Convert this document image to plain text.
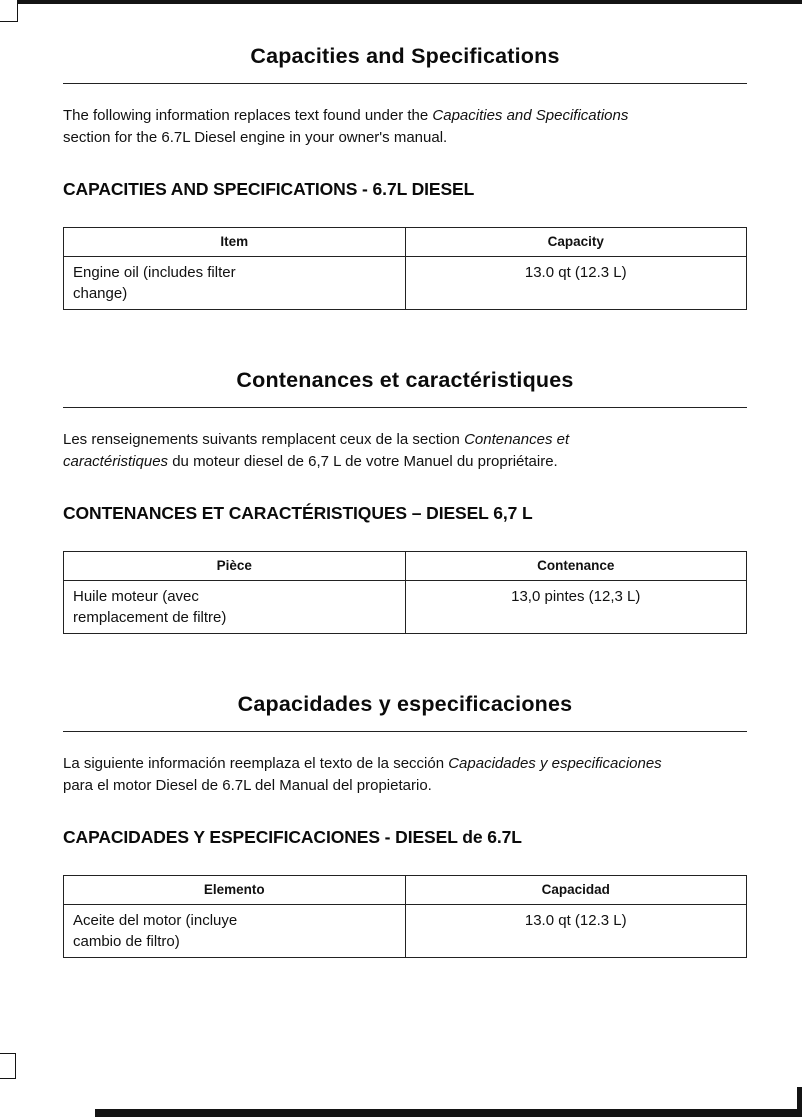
Capacities and Specifications

The following information replaces text found under the Capacities and Specifications section for the 6.7L Diesel engine in your owner's manual.

CAPACITIES AND SPECIFICATIONS - 6.7L DIESEL
Item	Capacity
Engine oil (includes filter change)	13.0 qt (12.3 L)
Contenances et caractéristiques

Les renseignements suivants remplacent ceux de la section Contenances et caractéristiques du moteur diesel de 6,7 L de votre Manuel du propriétaire.

CONTENANCES ET CARACTÉRISTIQUES – DIESEL 6,7 L
Pièce	Contenance
Huile moteur (avec remplacement de filtre)	13,0 pintes (12,3 L)
Capacidades y especificaciones

La siguiente información reemplaza el texto de la sección Capacidades y especificaciones para el motor Diesel de 6.7L del Manual del propietario.

CAPACIDADES Y ESPECIFICACIONES - DIESEL de 6.7L
Elemento	Capacidad
Aceite del motor (incluye cambio de filtro)	13.0 qt (12.3 L)
